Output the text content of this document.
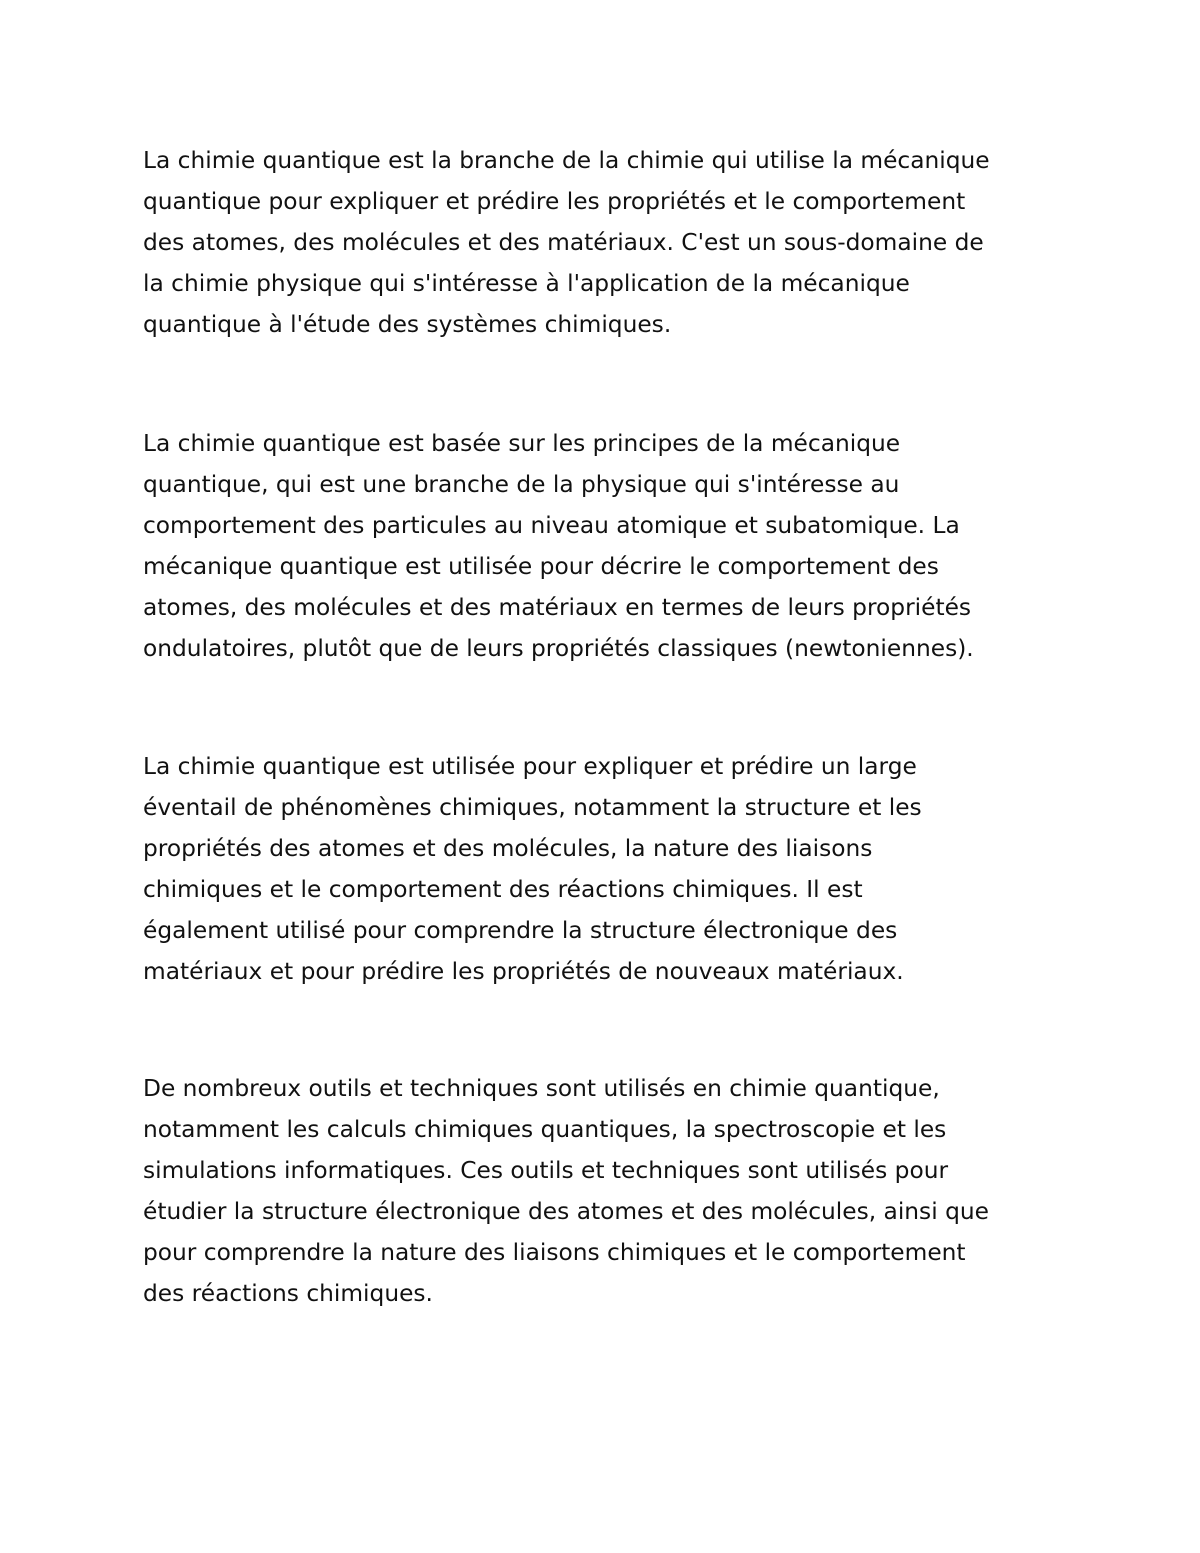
La chimie quantique est la branche de la chimie qui utilise la mécanique
quantique pour expliquer et prédire les propriétés et le comportement
des atomes, des molécules et des matériaux. C'est un sous-domaine de
la chimie physique qui s'intéresse à l'application de la mécanique
quantique à l'étude des systèmes chimiques.

La chimie quantique est basée sur les principes de la mécanique
quantique, qui est une branche de la physique qui s'intéresse au
comportement des particules au niveau atomique et subatomique. La
mécanique quantique est utilisée pour décrire le comportement des
atomes, des molécules et des matériaux en termes de leurs propriétés
ondulatoires, plutôt que de leurs propriétés classiques (newtoniennes).

La chimie quantique est utilisée pour expliquer et prédire un large
éventail de phénomènes chimiques, notamment la structure et les
propriétés des atomes et des molécules, la nature des liaisons
chimiques et le comportement des réactions chimiques. Il est
également utilisé pour comprendre la structure électronique des
matériaux et pour prédire les propriétés de nouveaux matériaux.

De nombreux outils et techniques sont utilisés en chimie quantique,
notamment les calculs chimiques quantiques, la spectroscopie et les
simulations informatiques. Ces outils et techniques sont utilisés pour
étudier la structure électronique des atomes et des molécules, ainsi que
pour comprendre la nature des liaisons chimiques et le comportement
des réactions chimiques.
